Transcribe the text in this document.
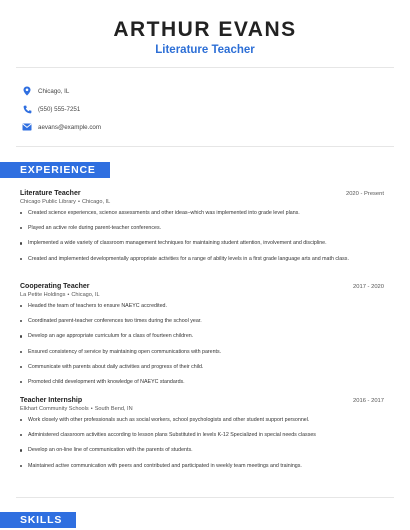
ARTHUR EVANS
Literature Teacher
Chicago, IL
(550) 555-7251
aevans@example.com
EXPERIENCE
Literature Teacher	2020 - Present
Chicago Public Library • Chicago, IL
Created science experiences, science assessments and other ideas–which was implemented into grade level plans.
Played an active role during parent-teacher conferences.
Implemented a wide variety of classroom management techniques for maintaining student attention, involvement and discipline.
Created and implemented developmentally appropriate activities for a range of ability levels in a first grade language arts and math class.
Cooperating Teacher	2017 - 2020
La Petite Holdings • Chicago, IL
Headed the team of teachers to ensure NAEYC accredited.
Coordinated parent-teacher conferences two times during the school year.
Develop an age appropriate curriculum for a class of fourteen children.
Ensured consistency of service by maintaining open communications with parents.
Communicate with parents about daily activities and progress of their child.
Promoted child development with knowledge of NAEYC standards.
Teacher Internship	2016 - 2017
Elkhart Community Schools • South Bend, IN
Work closely with other professionals such as social workers, school psychologists and other student support personnel.
Administered classroom activities according to lesson plans Substituted in levels K-12 Specialized in special needs classes
Develop an on-line line of communication with the parents of students.
Maintained active communication with peers and contributed and participated in weekly team meetings and trainings.
SKILLS
